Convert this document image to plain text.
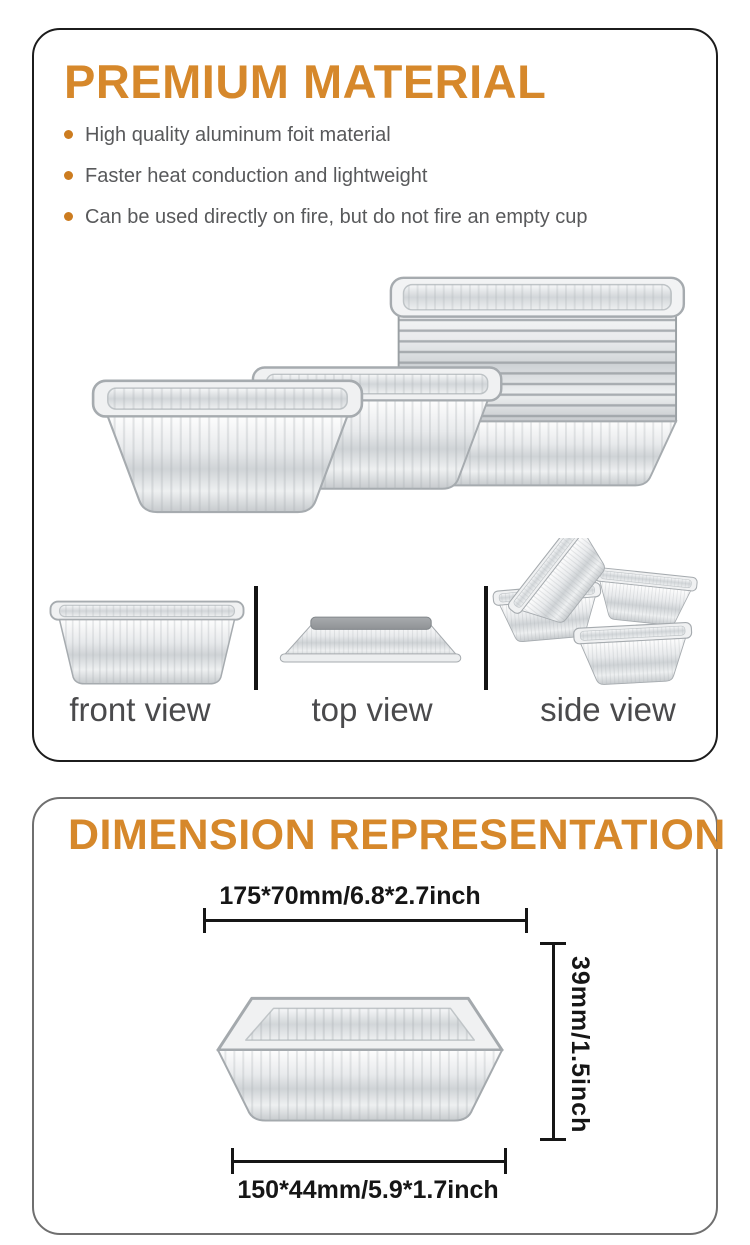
PREMIUM MATERIAL
High quality aluminum foit material
Faster heat conduction and lightweight
Can be used directly on fire, but do not fire an empty cup
front view	top view	side view
DIMENSION REPRESENTATION
175*70mm/6.8*2.7inch
39mm/1.5inch
150*44mm/5.9*1.7inch
